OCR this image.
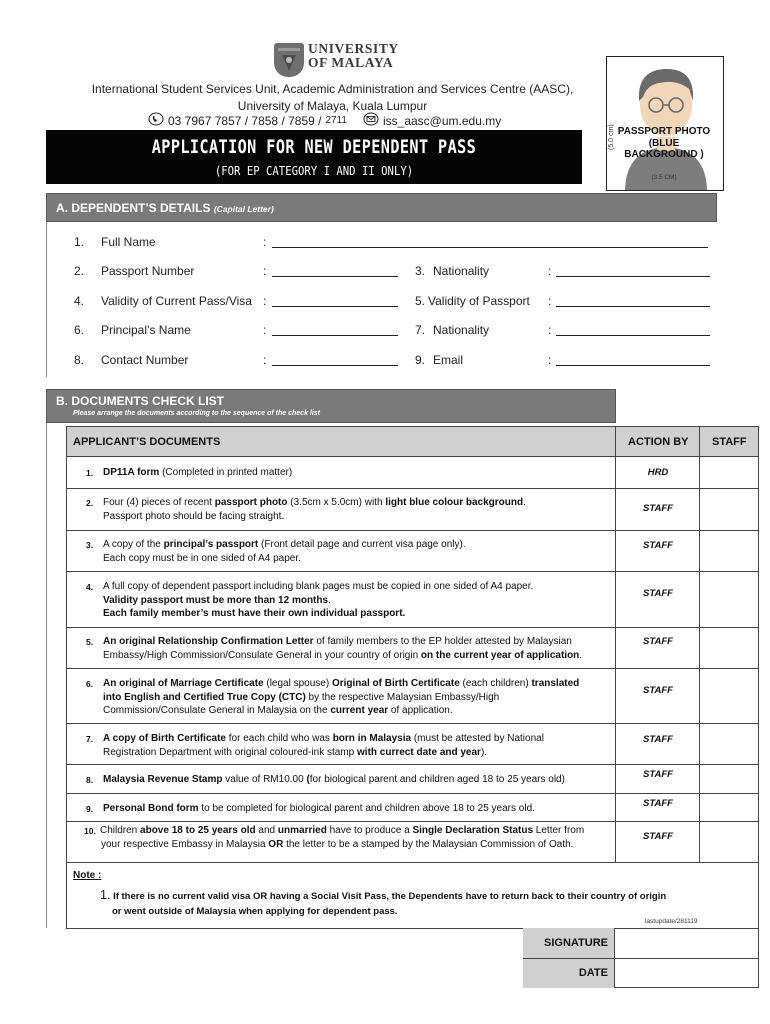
UNIVERSITY
OF MALAYA
International Student Services Unit, Academic Administration and Services Centre (AASC),
University of Malaya, Kuala Lumpur
03 7967 7857 / 7858 / 7859 / 2711	iss_aasc@um.edu.my
APPLICATION FOR NEW DEPENDENT PASS
(FOR EP CATEGORY I AND II ONLY)
PASSPORT PHOTO (BLUE BACKGROUND )
(3.5 CM)
(5.0 cm)
A. DEPENDENT’S DETAILS (Capital Letter)
1. Full Name	:
2. Passport Number	:	3. Nationality	:
4. Validity of Current Pass/Visa :	5. Validity of Passport :
6. Principal’s Name	:	7. Nationality	:
8. Contact Number	:	9. Email	:
B. DOCUMENTS CHECK LIST
Please arrange the documents according to the sequence of the check list
APPLICANT’S DOCUMENTS	ACTION BY STAFF
1. DP11A form (Completed in printed matter)	HRD
2. Four (4) pieces of recent passport photo (3.5cm x 5.0cm) with light blue colour background.
Passport photo should be facing straight.
STAFF
3. A copy of the principal’s passport (Front detail page and current visa page only).
Each copy must be in one sided of A4 paper.
STAFF
4. A full copy of dependent passport including blank pages must be copied in one sided of A4 paper.
Validity passport must be more than 12 months.
Each family member’s must have their own individual passport.
STAFF
5. An original Relationship Confirmation Letter of family members to the EP holder attested by Malaysian
Embassy/High Commission/Consulate General in your country of origin on the current year of application.
STAFF
6. An original of Marriage Certificate (legal spouse) Original of Birth Certificate (each children) translated
into English and Certified True Copy (CTC) by the respective Malaysian Embassy/High
Commission/Consulate General in Malaysia on the current year of application.
STAFF
7. A copy of Birth Certificate for each child who was born in Malaysia (must be attested by National
Registration Department with original coloured-ink stamp with currect date and year).
STAFF
8. Malaysia Revenue Stamp value of RM10.00 (for biological parent and children aged 18 to 25 years old)	STAFF
9. Personal Bond form to be completed for biological parent and children above 18 to 25 years old.	STAFF
10. Children above 18 to 25 years old and unmarried have to produce a Single Declaration Status Letter from
your respective Embassy in Malaysia OR the letter to be a stamped by the Malaysian Commission of Oath.
STAFF
Note :
1. If there is no current valid visa OR having a Social Visit Pass, the Dependents have to return back to their country of origin
or went outside of Malaysia when applying for dependent pass.
lastupdate/281119
SIGNATURE
DATE
